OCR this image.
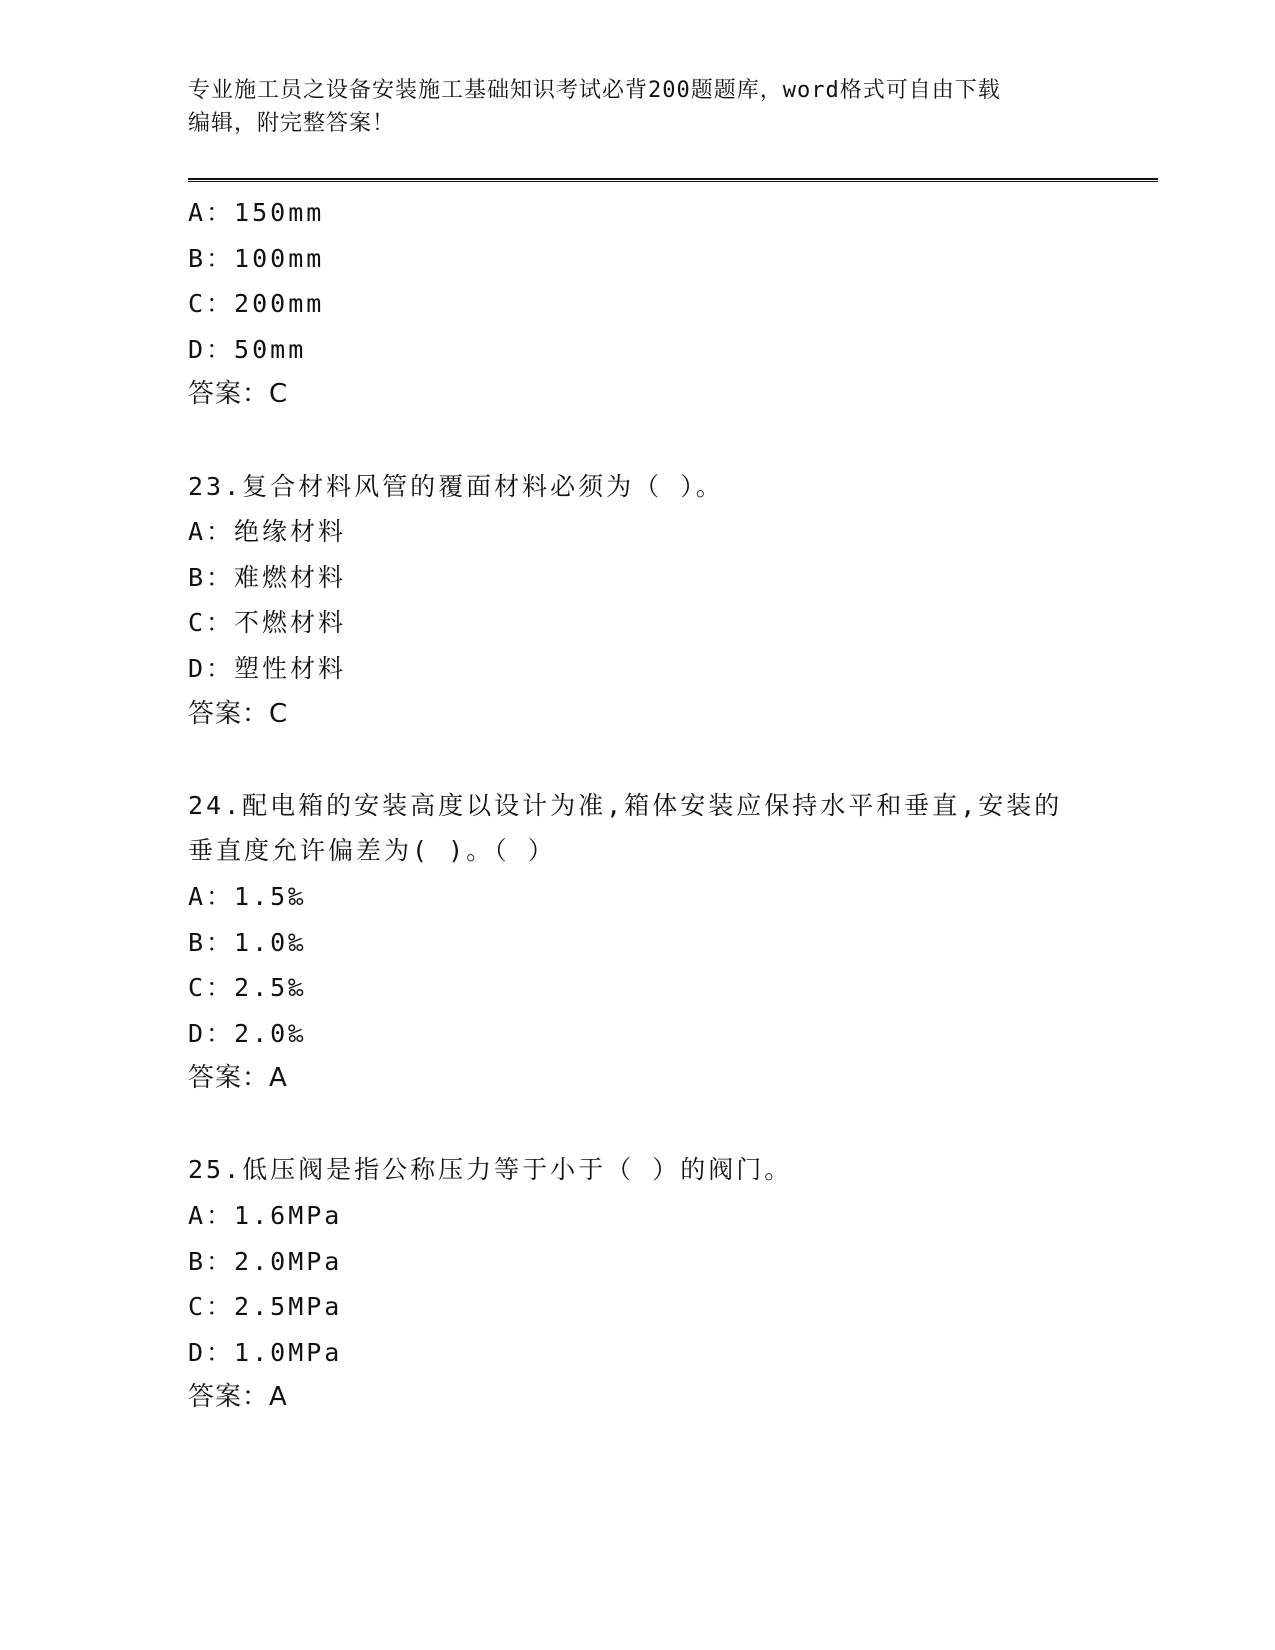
专业施工员之设备安装施工基础知识考试必背200题题库，word格式可自由下载
编辑，附完整答案！
A：150mm
B：100mm
C：200mm
D：50mm
答案：C
23.复合材料风管的覆面材料必须为（ ）。
A：绝缘材料
B：难燃材料
C：不燃材料
D：塑性材料
答案：C
24.配电箱的安装高度以设计为准,箱体安装应保持水平和垂直,安装的
垂直度允许偏差为( )。（ ）
A：1.5‰
B：1.0‰
C：2.5‰
D：2.0‰
答案：A
25.低压阀是指公称压力等于小于（ ）的阀门。
A：1.6MPa
B：2.0MPa
C：2.5MPa
D：1.0MPa
答案：A
